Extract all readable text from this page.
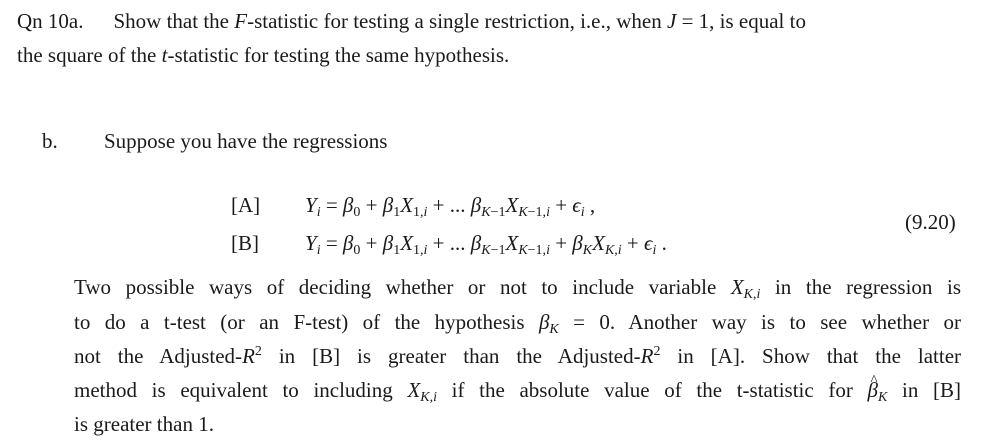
Qn 10a. Show that the F-statistic for testing a single restriction, i.e., when J = 1, is equal to
the square of the t-statistic for testing the same hypothesis.
b. Suppose you have the regressions
[A] $Y_i = \beta_0 + \beta_1X_{1,i}$ + ... $\beta_{K-1}X_{K-1,i} + \epsilon_i$ ,
(9.20)
[B] $Y_i = \beta_0 + \beta_1X_{1,i}$ + ... $\beta_{K-1}X_{K-1,i} + \beta_KX_{K,i} + \epsilon_i$ .
Two possible ways of deciding whether or not to include variable $X_{K,i}$ in the regression is
to do a t-test (or an F-test) of the hypothesis $\beta_K = 0$. Another way is to see whether or
not the Adjusted-$R^2$ in [B] is greater than the Adjusted-$R^2$ in [A]. Show that the latter
method is equivalent to including $X_{K,i}$ if the absolute value of the t-statistic for ^ $\beta_K$ in [B]
is greater than 1.
